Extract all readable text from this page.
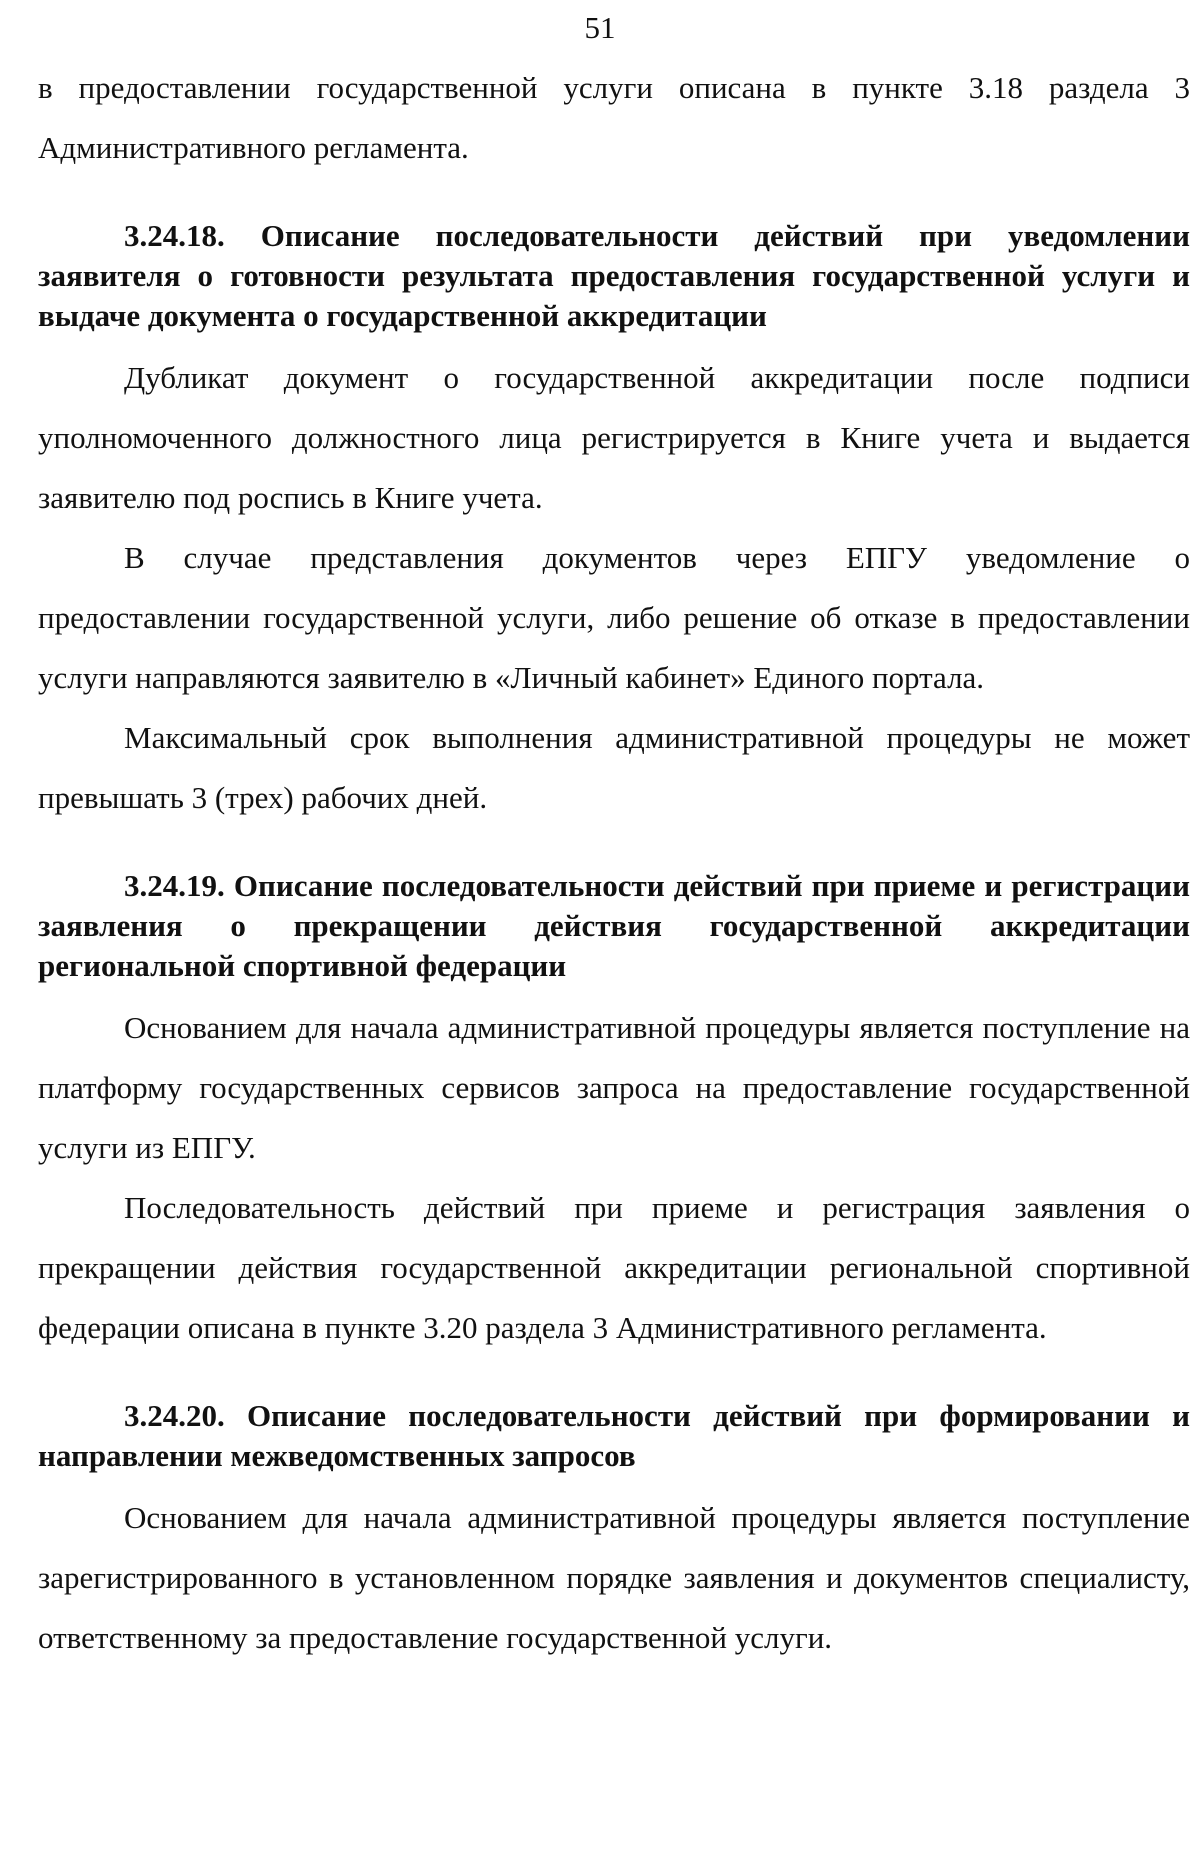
51

в предоставлении государственной услуги описана в пункте 3.18 раздела 3 Административного регламента.

3.24.18. Описание последовательности действий при уведомлении заявителя о готовности результата предоставления государственной услуги и выдаче документа о государственной аккредитации

Дубликат документ о государственной аккредитации после подписи уполномоченного должностного лица регистрируется в Книге учета и выдается заявителю под роспись в Книге учета.

В случае представления документов через ЕПГУ уведомление о предоставлении государственной услуги, либо решение об отказе в предоставлении услуги направляются заявителю в «Личный кабинет» Единого портала.

Максимальный срок выполнения административной процедуры не может превышать 3 (трех) рабочих дней.

3.24.19. Описание последовательности действий при приеме и регистрации заявления о прекращении действия государственной аккредитации региональной спортивной федерации

Основанием для начала административной процедуры является поступление на платформу государственных сервисов запроса на предоставление государственной услуги из ЕПГУ.

Последовательность действий при приеме и регистрация заявления о прекращении действия государственной аккредитации региональной спортивной федерации описана в пункте 3.20 раздела 3 Административного регламента.

3.24.20. Описание последовательности действий при формировании и направлении межведомственных запросов

Основанием для начала административной процедуры является поступление зарегистрированного в установленном порядке заявления и документов специалисту, ответственному за предоставление государственной услуги.
